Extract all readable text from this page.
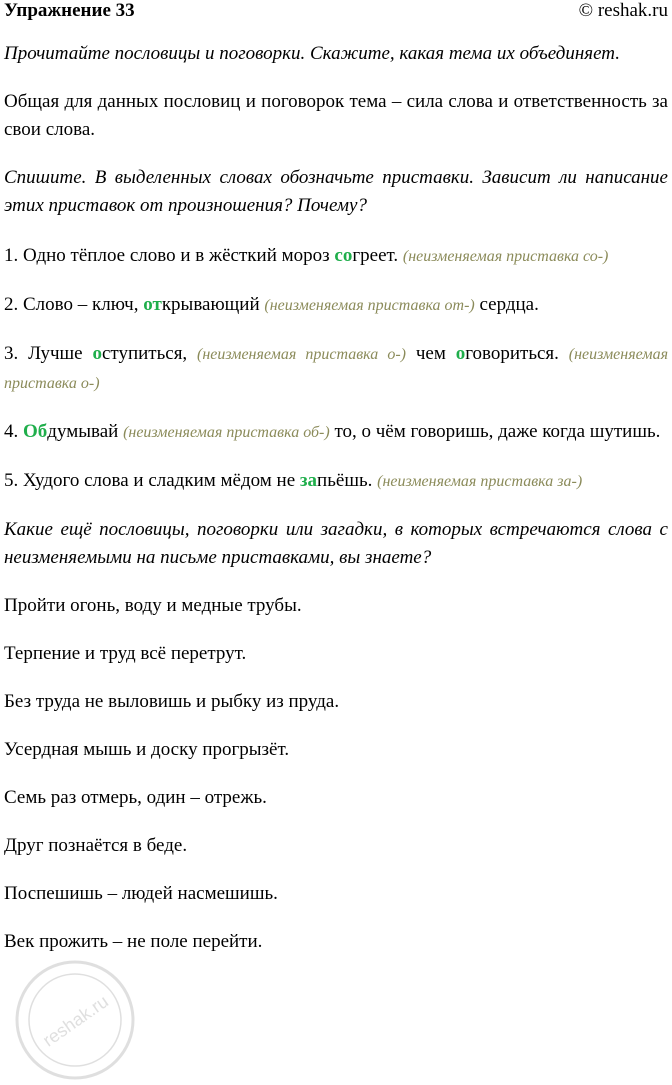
Упражнение 33	© reshak.ru

Прочитайте пословицы и поговорки. Скажите, какая тема их объединяет.

Общая для данных пословиц и поговорок тема – сила слова и ответственность за свои слова.

Спишите. В выделенных словах обозначьте приставки. Зависит ли написание этих приставок от произношения? Почему?

1. Одно тёплое слово и в жёсткий мороз согреет. (неизменяемая приставка со-)

2. Слово – ключ, открывающий (неизменяемая приставка от-) сердца.

3. Лучше оступиться, (неизменяемая приставка о-) чем оговориться. (неизменяемая приставка о-)

4. Обдумывай (неизменяемая приставка об-) то, о чём говоришь, даже когда шутишь.

5. Худого слова и сладким мёдом не запьёшь. (неизменяемая приставка за-)

Какие ещё пословицы, поговорки или загадки, в которых встречаются слова с неизменяемыми на письме приставками, вы знаете?

Пройти огонь, воду и медные трубы.

Терпение и труд всё перетрут.

Без труда не выловишь и рыбку из пруда.

Усердная мышь и доску прогрызёт.

Семь раз отмерь, один – отрежь.

Друг познаётся в беде.

Поспешишь – людей насмешишь.

Век прожить – не поле перейти.

reshak.ru
